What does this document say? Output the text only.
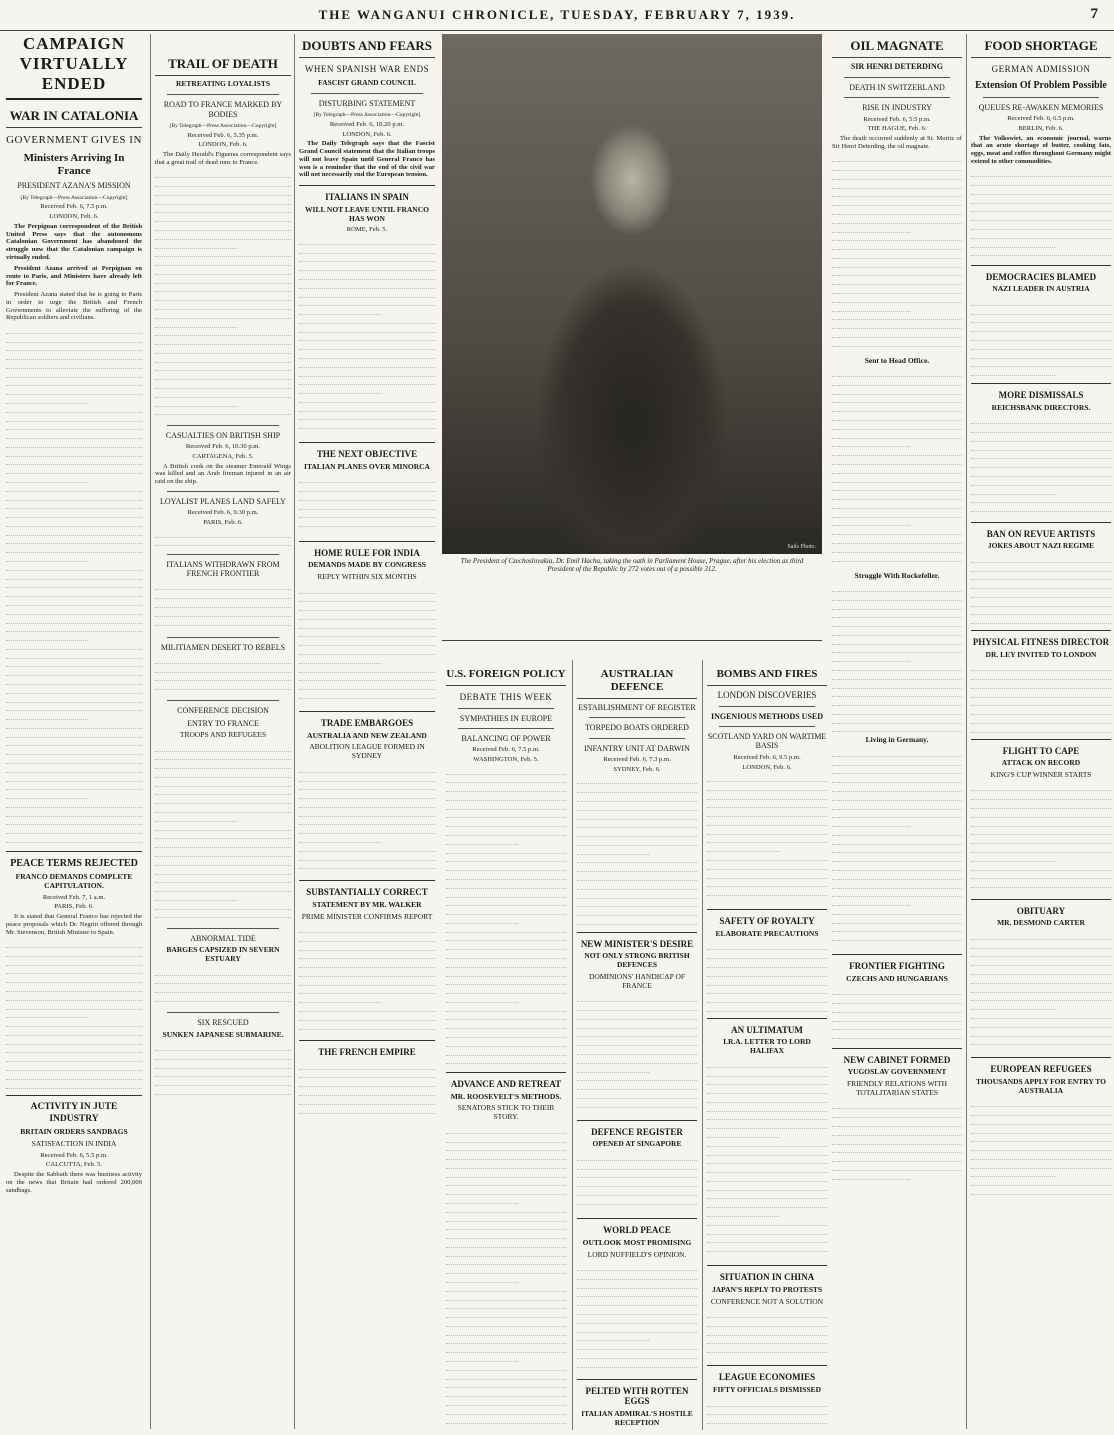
THE WANGANUI CHRONICLE, TUESDAY, FEBRUARY 7, 1939.	7
CAMPAIGN VIRTUALLY ENDED
WAR IN CATALONIA
GOVERNMENT GIVES IN
Ministers Arriving In France
PRESIDENT AZANA'S MISSION
[By Telegraph—Press Association—Copyright]
Received Feb. 6, 7.5 p.m.
LONDON, Feb. 6.

The Perpignan correspondent of the British United Press says that the autonomous Catalonian Government has abandoned the struggle now that the Catalonian campaign is virtually ended.

President Azana arrived at Perpignan en route to Paris, and Ministers have already left for France.

President Azana stated that he is going to Paris in order to urge the British and French Governments to alleviate the suffering of the Republican soldiers and civilians.

PEACE TERMS REJECTED
FRANCO DEMANDS COMPLETE CAPITULATION.
Received Feb. 7, 1 a.m.
PARIS, Feb. 6.

It is stated that General Franco has rejected the peace proposals which Dr. Negrin offered through Mr. Stevenson, British Minister to Spain.

ACTIVITY IN JUTE INDUSTRY
BRITAIN ORDERS SANDBAGS
SATISFACTION IN INDIA
Received Feb. 6, 5.5 p.m.
CALCUTTA, Feb. 5.

Despite the Sabbath there was business activity on the news that Britain had ordered 200,000 sandbags.

TRAIL OF DEATH
RETREATING LOYALISTS
ROAD TO FRANCE MARKED BY BODIES
[By Telegraph—Press Association—Copyright]
Received Feb. 6, 5.35 p.m.
LONDON, Feb. 6.

The Daily Herald's Figueras correspondent says that a great trail of dead runs to France.

CASUALTIES ON BRITISH SHIP
Received Feb. 6, 10.30 p.m.
CARTAGENA, Feb. 5.

A British cook on the steamer Emerald Wings was killed and an Arab fireman injured in an air raid on the ship.

LOYALIST PLANES LAND SAFELY
Received Feb. 6, 9.30 p.m.
PARIS, Feb. 6.
ITALIANS WITHDRAWN FROM FRENCH FRONTIER
MILITIAMEN DESERT TO REBELS
CONFERENCE DECISION
ENTRY TO FRANCE
TROOPS AND REFUGEES
ABNORMAL TIDE
BARGES CAPSIZED IN SEVERN ESTUARY
SIX RESCUED
SUNKEN JAPANESE SUBMARINE.
DOUBTS AND FEARS
WHEN SPANISH WAR ENDS
FASCIST GRAND COUNCIL
DISTURBING STATEMENT
[By Telegraph—Press Association—Copyright]
Received Feb. 6, 10.20 p.m.
LONDON, Feb. 6.

The Daily Telegraph says that the Fascist Grand Council statement that the Italian troops will not leave Spain until General Franco has won is a reminder that the end of the civil war will not necessarily end the European tension.

ITALIANS IN SPAIN
WILL NOT LEAVE UNTIL FRANCO HAS WON
ROME, Feb. 5.
THE NEXT OBJECTIVE
ITALIAN PLANES OVER MINORCA
HOME RULE FOR INDIA
DEMANDS MADE BY CONGRESS
REPLY WITHIN SIX MONTHS
TRADE EMBARGOES
AUSTRALIA AND NEW ZEALAND
ABOLITION LEAGUE FORMED IN SYDNEY
SUBSTANTIALLY CORRECT
STATEMENT BY MR. WALKER
PRIME MINISTER CONFIRMS REPORT
THE FRENCH EMPIRE
Sails Photo.
The President of Czechoslovakia, Dr. Emil Hacha, taking the oath in Parliament House, Prague, after his election as third President of the Republic by 272 votes out of a possible 312.
U.S. FOREIGN POLICY
DEBATE THIS WEEK
SYMPATHIES IN EUROPE
BALANCING OF POWER
Received Feb. 6, 7.5 p.m.
WASHINGTON, Feb. 5.
ADVANCE AND RETREAT
MR. ROOSEVELT'S METHODS.
SENATORS STICK TO THEIR STORY.
AUSTRALIAN DEFENCE
ESTABLISHMENT OF REGISTER
TORPEDO BOATS ORDERED
INFANTRY UNIT AT DARWIN
Received Feb. 6, 7.3 p.m.
SYDNEY, Feb. 6.
NEW MINISTER'S DESIRE
NOT ONLY STRONG BRITISH DEFENCES
DOMINIONS' HANDICAP OF FRANCE
DEFENCE REGISTER
OPENED AT SINGAPORE
WORLD PEACE
OUTLOOK MOST PROMISING
LORD NUFFIELD'S OPINION.
PELTED WITH ROTTEN EGGS
ITALIAN ADMIRAL'S HOSTILE RECEPTION
BOMBS AND FIRES
LONDON DISCOVERIES
INGENIOUS METHODS USED
SCOTLAND YARD ON WARTIME BASIS
Received Feb. 6, 9.5 p.m.
LONDON, Feb. 6.
SAFETY OF ROYALTY
ELABORATE PRECAUTIONS
AN ULTIMATUM
I.R.A. LETTER TO LORD HALIFAX
SITUATION IN CHINA
JAPAN'S REPLY TO PROTESTS
CONFERENCE NOT A SOLUTION
LEAGUE ECONOMIES
FIFTY OFFICIALS DISMISSED
OIL MAGNATE
SIR HENRI DETERDING
DEATH IN SWITZERLAND
RISE IN INDUSTRY
Received Feb. 6, 5.5 p.m.
THE HAGUE, Feb. 6.

The death occurred suddenly at St. Moritz of Sir Henri Deterding, the oil magnate.

Sent to Head Office.
Struggle With Rockefeller.
Living in Germany.
FRONTIER FIGHTING
CZECHS AND HUNGARIANS
NEW CABINET FORMED
YUGOSLAV GOVERNMENT
FRIENDLY RELATIONS WITH TOTALITARIAN STATES
FOOD SHORTAGE
GERMAN ADMISSION
Extension Of Problem Possible
QUEUES RE-AWAKEN MEMORIES
Received Feb. 6, 6.5 p.m.
BERLIN, Feb. 6.

The Volkswirt, an economic journal, warns that an acute shortage of butter, cooking fats, eggs, meat and coffee throughout Germany might extend to other commodities.

DEMOCRACIES BLAMED
NAZI LEADER IN AUSTRIA
MORE DISMISSALS
REICHSBANK DIRECTORS.
BAN ON REVUE ARTISTS
JOKES ABOUT NAZI REGIME
PHYSICAL FITNESS DIRECTOR
DR. LEY INVITED TO LONDON
FLIGHT TO CAPE
ATTACK ON RECORD
KING'S CUP WINNER STARTS
OBITUARY
MR. DESMOND CARTER
EUROPEAN REFUGEES
THOUSANDS APPLY FOR ENTRY TO AUSTRALIA
